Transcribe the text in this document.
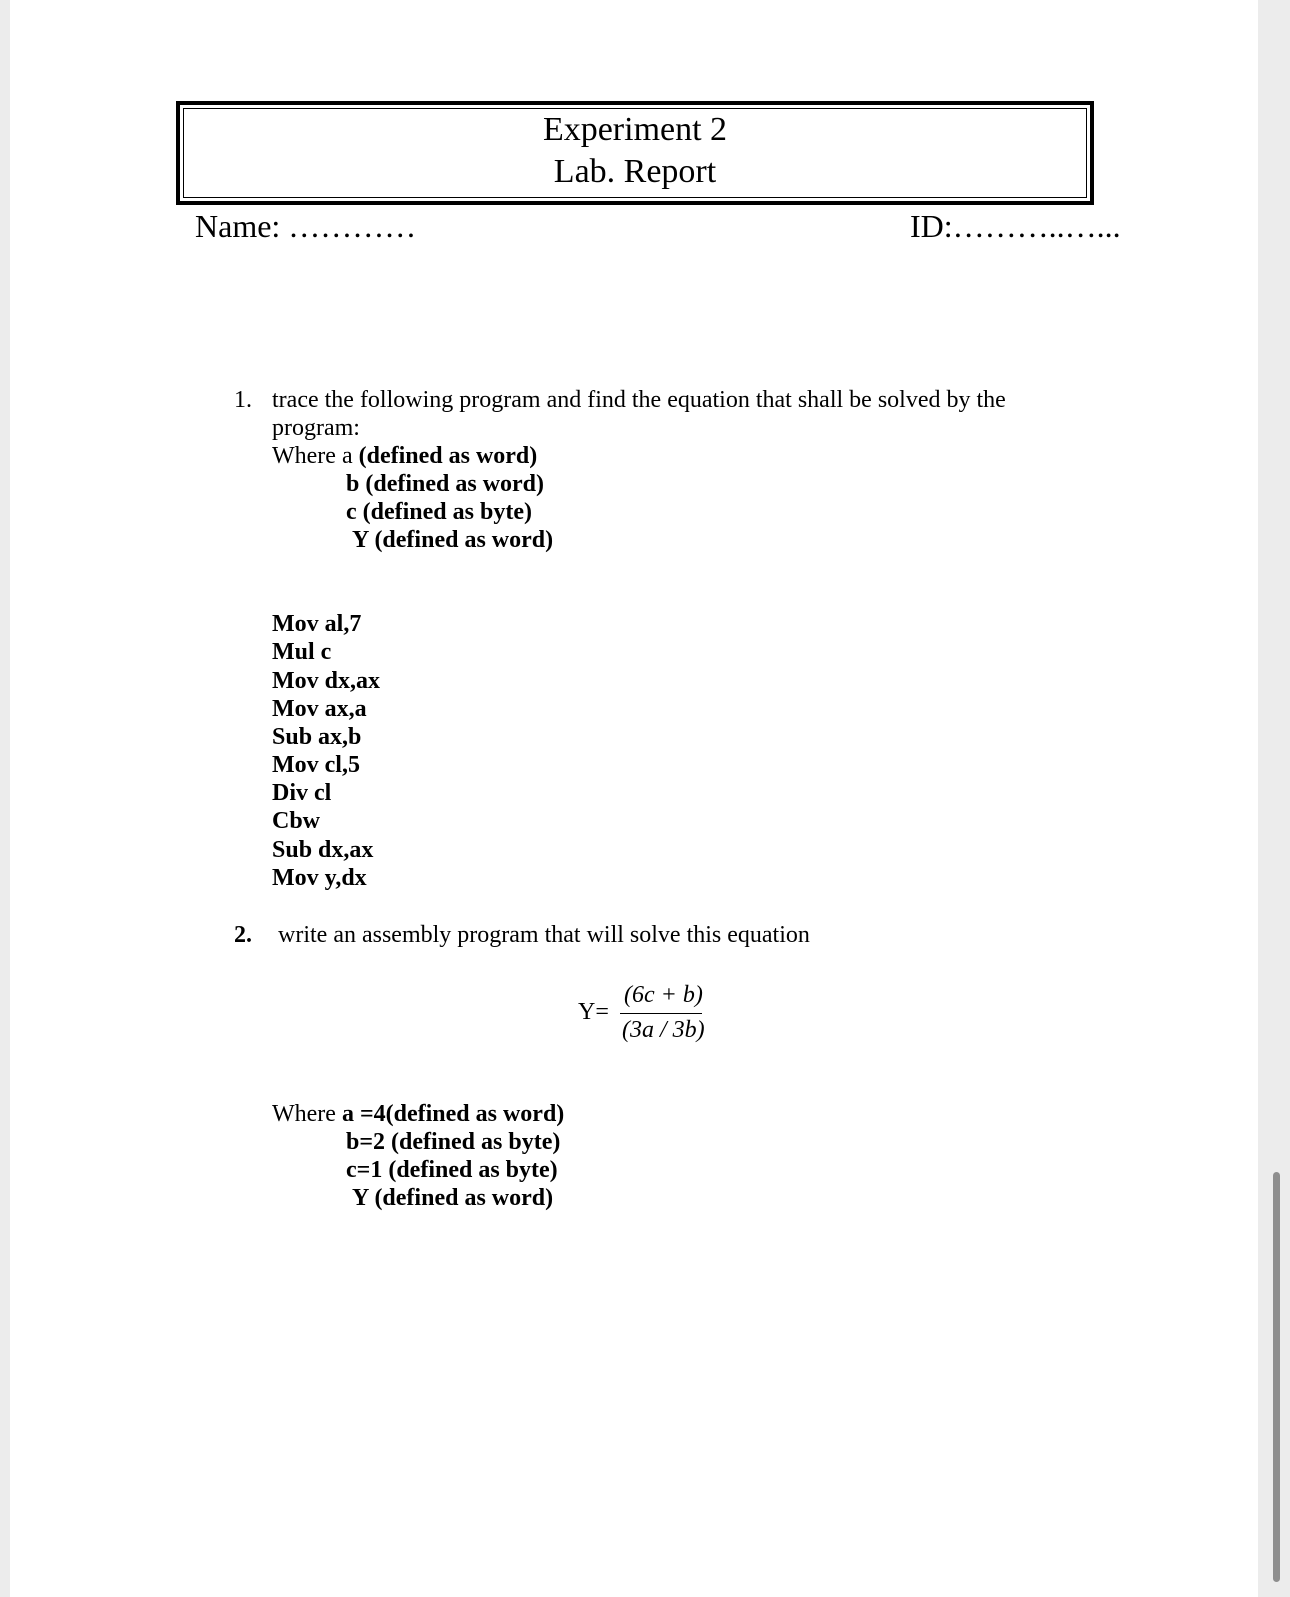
Experiment 2
Lab. Report
Name: …………	ID:………..…...
1. trace the following program and find the equation that shall be solved by the
program:
Where a (defined as word)
b (defined as word)
c (defined as byte)
Y (defined as word)
Mov al,7
Mul c
Mov dx,ax
Mov ax,a
Sub ax,b
Mov cl,5
Div cl
Cbw
Sub dx,ax
Mov y,dx
2. write an assembly program that will solve this equation
Y=
(6c + b)
(3a / 3b)
Where a =4(defined as word)
b=2 (defined as byte)
c=1 (defined as byte)
Y (defined as word)
